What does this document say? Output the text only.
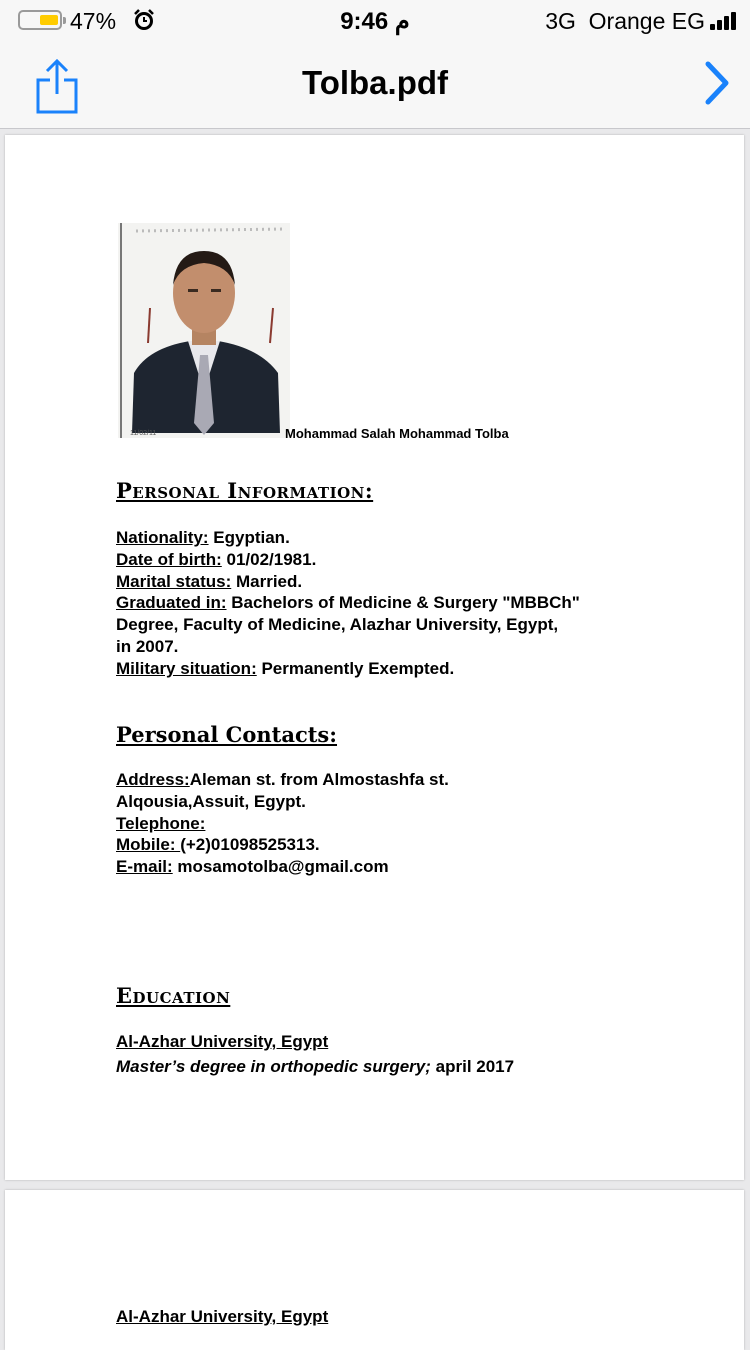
47%	م 9:46	3G Orange EG
Tolba.pdf
11/02/11	Mohammad Salah Mohammad Tolba
Personal Information:
Nationality: Egyptian.
Date of birth: 01/02/1981.
Marital status: Married.
Graduated in: Bachelors of Medicine & Surgery "MBBCh"
Degree, Faculty of Medicine, Alazhar University, Egypt,
in 2007.
Military situation: Permanently Exempted.
Personal Contacts:
Address:Aleman st. from Almostashfa st.
Alqousia,Assuit, Egypt.
Telephone:
Mobile: (+2)01098525313.
E-mail: mosamotolba@gmail.com
Education
Al-Azhar University, Egypt
Master’s degree in orthopedic surgery; april 2017
Al-Azhar University, Egypt
